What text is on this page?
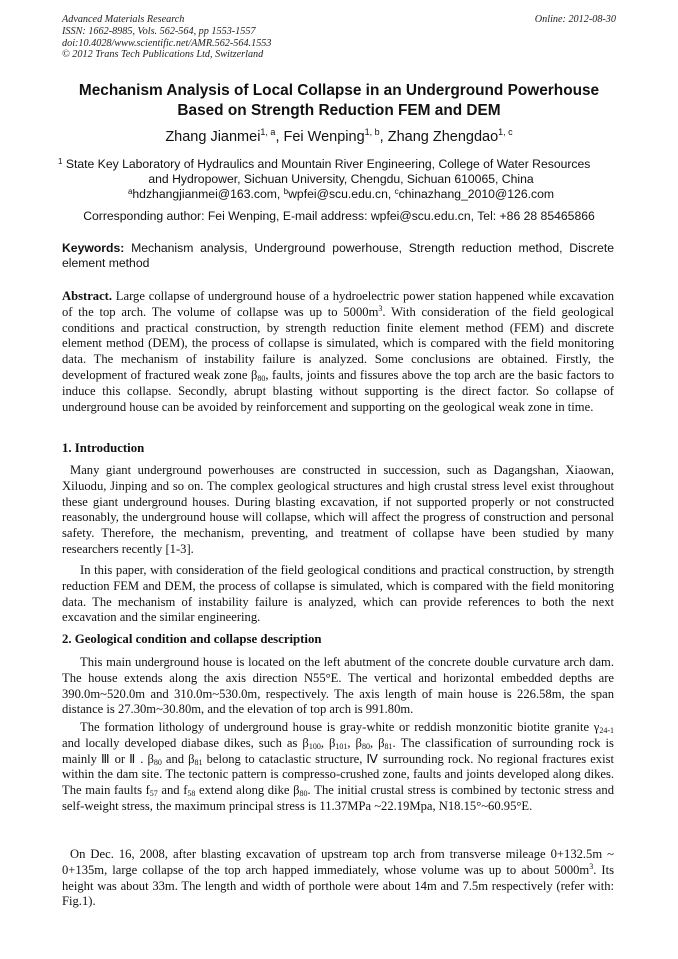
Advanced Materials Research
ISSN: 1662-8985, Vols. 562-564, pp 1553-1557
doi:10.4028/www.scientific.net/AMR.562-564.1553
© 2012 Trans Tech Publications Ltd, Switzerland
Online: 2012-08-30
Mechanism Analysis of Local Collapse in an Underground Powerhouse
Based on Strength Reduction FEM and DEM
Zhang Jianmei$^{1, a}$, Fei Wenping$^{1, b}$, Zhang Zhengdao$^{1, c}$
$^1$ State Key Laboratory of Hydraulics and Mountain River Engineering, College of Water Resources
and Hydropower, Sichuan University, Chengdu, Sichuan 610065, China
$^a$hdzhangjianmei@163.com, $^b$wpfei@scu.edu.cn, $^c$chinazhang_2010@126.com
Corresponding author: Fei Wenping, E-mail address: wpfei@scu.edu.cn, Tel: +86 28 85465866
Keywords: Mechanism analysis, Underground powerhouse, Strength reduction method, Discrete element method
Abstract. Large collapse of underground house of a hydroelectric power station happened while excavation of the top arch. The volume of collapse was up to $5000m^3$. With consideration of the field geological conditions and practical construction, by strength reduction finite element method (FEM) and discrete element method (DEM), the process of collapse is simulated, which is compared with the field monitoring data. The mechanism of instability failure is analyzed. Some conclusions are obtained. Firstly, the development of fractured weak zone $\beta_{80}$, faults, joints and fissures above the top arch are the basic factors to induce this collapse. Secondly, abrupt blasting without supporting is the direct factor. So collapse of underground house can be avoided by reinforcement and supporting on the geological weak zone in time.
1. Introduction
Many giant underground powerhouses are constructed in succession, such as Dagangshan, Xiaowan, Xiluodu, Jinping and so on. The complex geological structures and high crustal stress level exist throughout these giant underground houses. During blasting excavation, if not supported properly or not constructed reasonably, the underground house will collapse, which will affect the progress of construction and personal safety. Therefore, the mechanism, preventing, and treatment of collapse have been studied by many researchers recently [1-3].
In this paper, with consideration of the field geological conditions and practical construction, by strength reduction FEM and DEM, the process of collapse is simulated, which is compared with the field monitoring data. The mechanism of instability failure is analyzed, which can provide references to both the next excavation and the similar engineering.
2. Geological condition and collapse description
This main underground house is located on the left abutment of the concrete double curvature arch dam. The house extends along the axis direction N55°E. The vertical and horizontal embedded depths are 390.0m~520.0m and 310.0m~530.0m, respectively. The axis length of main house is 226.58m, the span distance is 27.30m~30.80m, and the elevation of top arch is 991.80m.
The formation lithology of underground house is gray-white or reddish monzonitic biotite granite $\gamma_{24-1}$ and locally developed diabase dikes, such as $\beta_{100}$, $\beta_{101}$, $\beta_{80}$, $\beta_{81}$. The classification of surrounding rock is mainly Ⅲ or Ⅱ . $\beta_{80}$ and $\beta_{81}$ belong to cataclastic structure, Ⅳ surrounding rock. No regional fractures exist within the dam site. The tectonic pattern is compresso-crushed zone, faults and joints developed along dikes. The main faults $f_{57}$ and $f_{58}$ extend along dike $\beta_{80}$. The initial crustal stress is combined by tectonic stress and self-weight stress, the maximum principal stress is 11.37MPa ~22.19Mpa, N18.15°~60.95°E.
On Dec. 16, 2008, after blasting excavation of upstream top arch from transverse mileage 0+132.5m ~ 0+135m, large collapse of the top arch happed immediately, whose volume was up to about $5000m^3$. Its height was about 33m. The length and width of porthole were about 14m and 7.5m respectively (refer with: Fig.1).
